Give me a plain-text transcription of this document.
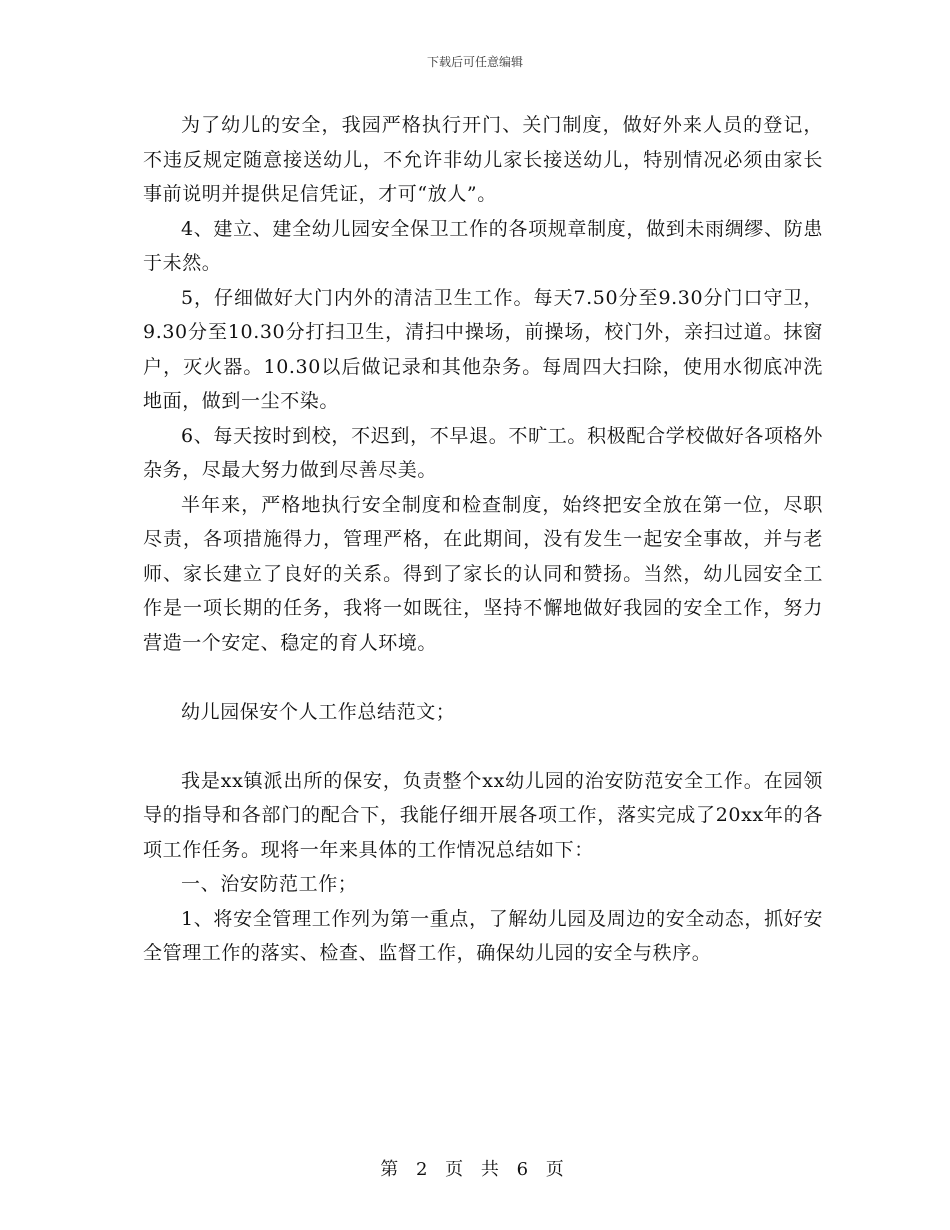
下载后可任意编辑

为了幼儿的安全，我园严格执行开门、关门制度，做好外来人员的登记，不违反规定随意接送幼儿，不允许非幼儿家长接送幼儿，特别情况必须由家长事前说明并提供足信凭证，才可“放人”。

4、建立、建全幼儿园安全保卫工作的各项规章制度，做到未雨绸缪、防患于未然。

5，仔细做好大门内外的清洁卫生工作。每天7.50分至9.30分门口守卫，9.30分至10.30分打扫卫生，清扫中操场，前操场，校门外，亲扫过道。抹窗户，灭火器。10.30以后做记录和其他杂务。每周四大扫除，使用水彻底冲洗地面，做到一尘不染。

6、每天按时到校，不迟到，不早退。不旷工。积极配合学校做好各项格外杂务，尽最大努力做到尽善尽美。

半年来，严格地执行安全制度和检查制度，始终把安全放在第一位，尽职尽责，各项措施得力，管理严格，在此期间，没有发生一起安全事故，并与老师、家长建立了良好的关系。得到了家长的认同和赞扬。当然，幼儿园安全工作是一项长期的任务，我将一如既往，坚持不懈地做好我园的安全工作，努力营造一个安定、稳定的育人环境。

幼儿园保安个人工作总结范文；

我是xx镇派出所的保安，负责整个xx幼儿园的治安防范安全工作。在园领导的指导和各部门的配合下，我能仔细开展各项工作，落实完成了20xx年的各项工作任务。现将一年来具体的工作情况总结如下：

一、治安防范工作；

1、将安全管理工作列为第一重点，了解幼儿园及周边的安全动态，抓好安全管理工作的落实、检查、监督工作，确保幼儿园的安全与秩序。

第 2 页 共 6 页
